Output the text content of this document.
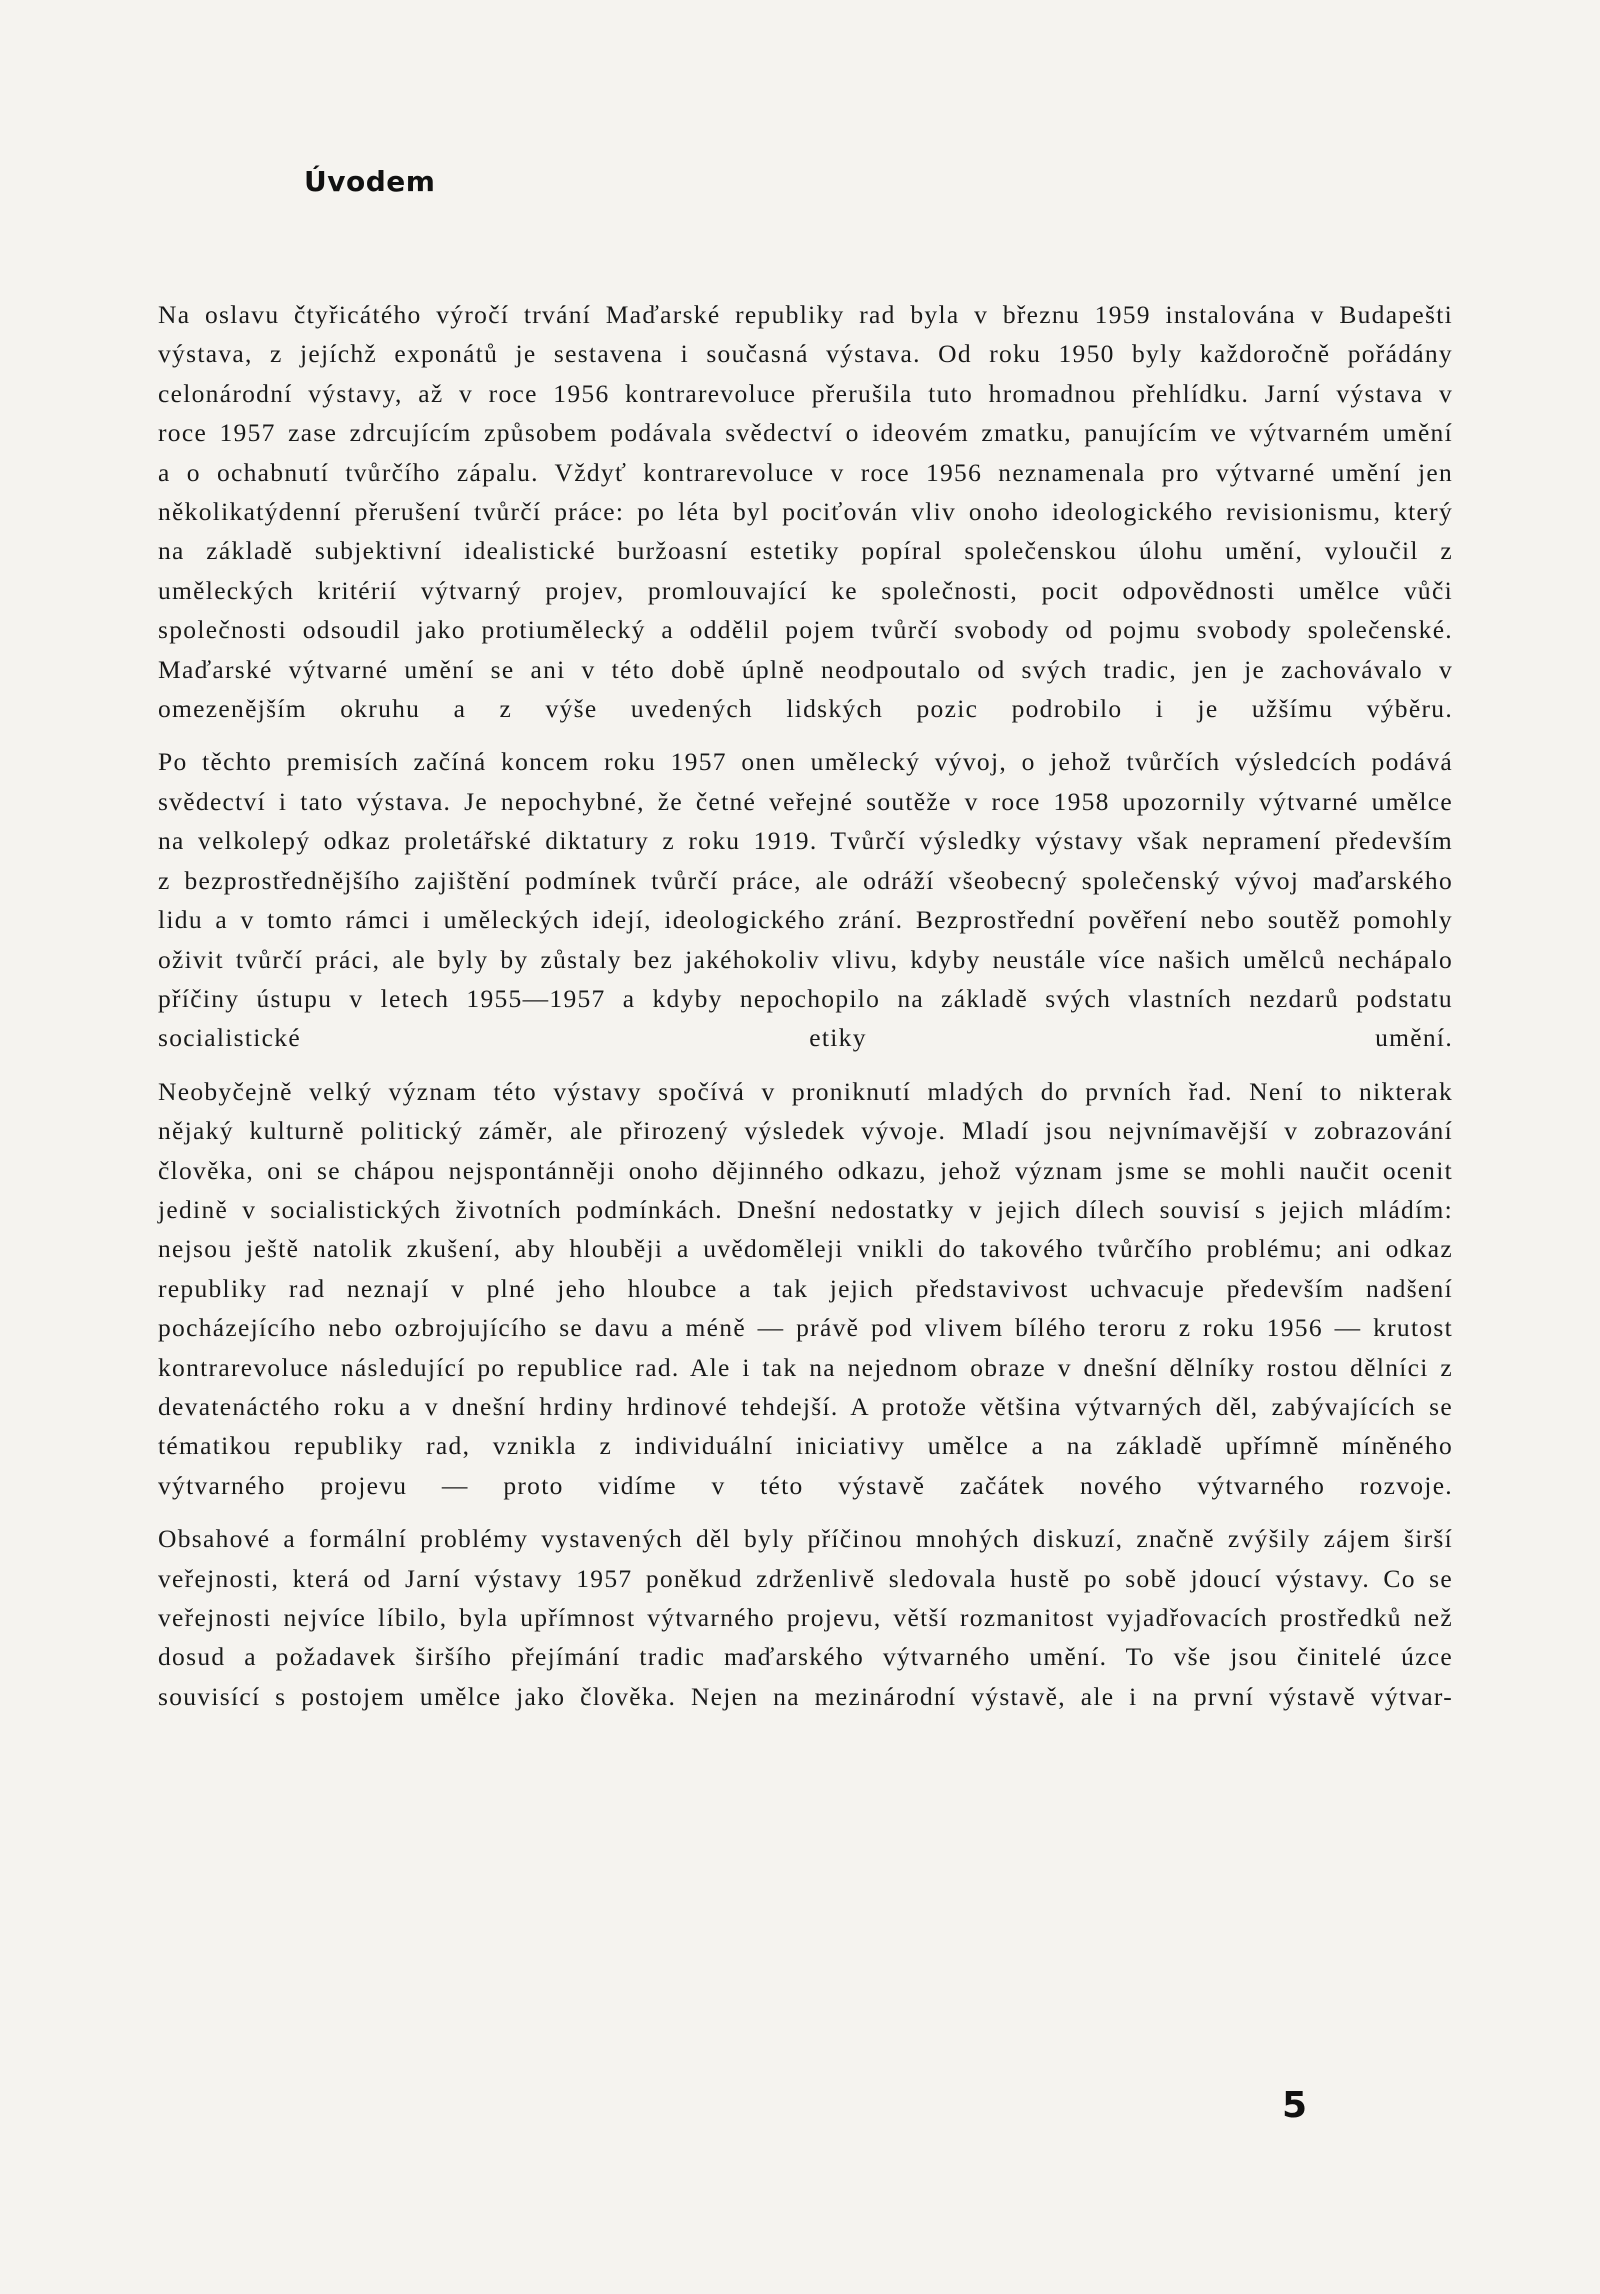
Úvodem

Na oslavu čtyřicátého výročí trvání Maďarské republiky rad byla v březnu 1959 instalována v Budapešti výstava, z jejíchž exponátů je sestavena i současná výstava. Od roku 1950 byly každoročně pořádány celonárodní výstavy, až v roce 1956 kontrarevoluce přerušila tuto hromadnou přehlídku. Jarní výstava v roce 1957 zase zdrcujícím způsobem podávala svědectví o ideovém zmatku, panujícím ve výtvarném umění a o ochabnutí tvůrčího zápalu. Vždyť kontrarevoluce v roce 1956 neznamenala pro výtvarné umění jen několikatýdenní přerušení tvůrčí práce: po léta byl pociťován vliv onoho ideologického revisionismu, který na základě subjektivní idealistické buržoasní estetiky popíral společenskou úlohu umění, vyloučil z uměleckých kritérií výtvarný projev, promlouvající ke společnosti, pocit odpovědnosti umělce vůči společnosti odsoudil jako protiumělecký a oddělil pojem tvůrčí svobody od pojmu svobody společenské. Maďarské výtvarné umění se ani v této době úplně neodpoutalo od svých tradic, jen je zachovávalo v omezenějším okruhu a z výše uvedených lidských pozic podrobilo i je užšímu výběru.

Po těchto premisích začíná koncem roku 1957 onen umělecký vývoj, o jehož tvůrčích výsledcích podává svědectví i tato výstava. Je nepochybné, že četné veřejné soutěže v roce 1958 upozornily výtvarné umělce na velkolepý odkaz proletářské diktatury z roku 1919. Tvůrčí výsledky výstavy však nepramení především z bezprostřednějšího zajištění podmínek tvůrčí práce, ale odráží všeobecný společenský vývoj maďarského lidu a v tomto rámci i uměleckých idejí, ideologického zrání. Bezprostřední pověření nebo soutěž pomohly oživit tvůrčí práci, ale byly by zůstaly bez jakéhokoliv vlivu, kdyby neustále více našich umělců nechápalo příčiny ústupu v letech 1955—1957 a kdyby nepochopilo na základě svých vlastních nezdarů podstatu socialistické etiky umění.

Neobyčejně velký význam této výstavy spočívá v proniknutí mladých do prvních řad. Není to nikterak nějaký kulturně politický záměr, ale přirozený výsledek vývoje. Mladí jsou nejvnímavější v zobrazování člověka, oni se chápou nejspontánněji onoho dějinného odkazu, jehož význam jsme se mohli naučit ocenit jedině v socialistických životních podmínkách. Dnešní nedostatky v jejich dílech souvisí s jejich mládím: nejsou ještě natolik zkušení, aby hlouběji a uvědoměleji vnikli do takového tvůrčího problému; ani odkaz republiky rad neznají v plné jeho hloubce a tak jejich představivost uchvacuje především nadšení pocházejícího nebo ozbrojujícího se davu a méně — právě pod vlivem bílého teroru z roku 1956 — krutost kontrarevoluce následující po republice rad. Ale i tak na nejednom obraze v dnešní dělníky rostou dělníci z devatenáctého roku a v dnešní hrdiny hrdinové tehdejší. A protože většina výtvarných děl, zabývajících se tématikou republiky rad, vznikla z individuální iniciativy umělce a na základě upřímně míněného výtvarného projevu — proto vidíme v této výstavě začátek nového výtvarného rozvoje.

Obsahové a formální problémy vystavených děl byly příčinou mnohých diskuzí, značně zvýšily zájem širší veřejnosti, která od Jarní výstavy 1957 poněkud zdrženlivě sledovala hustě po sobě jdoucí výstavy. Co se veřejnosti nejvíce líbilo, byla upřímnost výtvarného projevu, větší rozmanitost vyjadřovacích prostředků než dosud a požadavek širšího přejímání tradic maďarského výtvarného umění. To vše jsou činitelé úzce souvisící s postojem umělce jako člověka. Nejen na mezinárodní výstavě, ale i na první výstavě výtvar-

5
